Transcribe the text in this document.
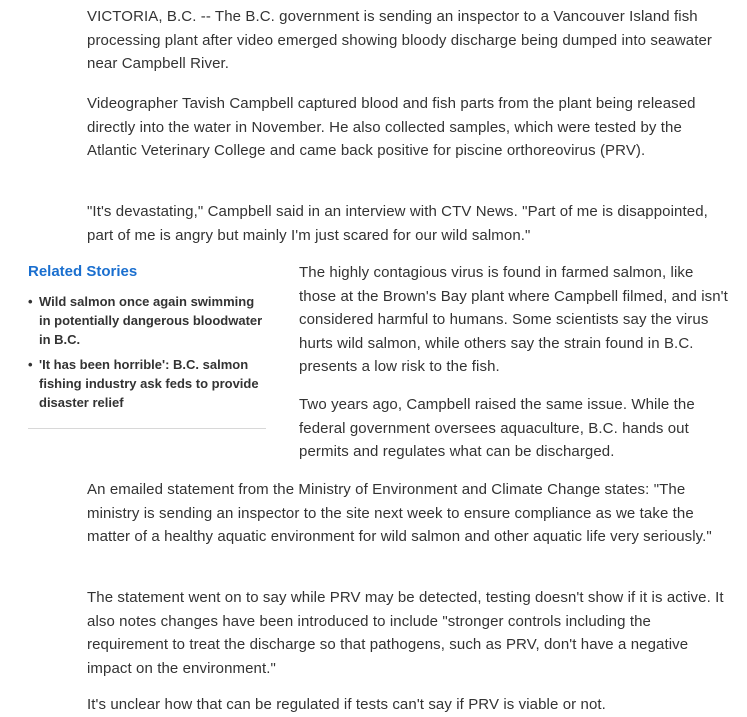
VICTORIA, B.C. -- The B.C. government is sending an inspector to a Vancouver Island fish processing plant after video emerged showing bloody discharge being dumped into seawater near Campbell River.

Videographer Tavish Campbell captured blood and fish parts from the plant being released directly into the water in November. He also collected samples, which were tested by the Atlantic Veterinary College and came back positive for piscine orthoreovirus (PRV).

"It's devastating," Campbell said in an interview with CTV News. "Part of me is disappointed, part of me is angry but mainly I'm just scared for our wild salmon."

Related Stories
• Wild salmon once again swimming in potentially dangerous bloodwater in B.C.
• 'It has been horrible': B.C. salmon fishing industry ask feds to provide disaster relief

The highly contagious virus is found in farmed salmon, like those at the Brown's Bay plant where Campbell filmed, and isn't considered harmful to humans. Some scientists say the virus hurts wild salmon, while others say the strain found in B.C. presents a low risk to the fish.

Two years ago, Campbell raised the same issue. While the federal government oversees aquaculture, B.C. hands out permits and regulates what can be discharged.

An emailed statement from the Ministry of Environment and Climate Change states: "The ministry is sending an inspector to the site next week to ensure compliance as we take the matter of a healthy aquatic environment for wild salmon and other aquatic life very seriously."

The statement went on to say while PRV may be detected, testing doesn't show if it is active. It also notes changes have been introduced to include "stronger controls including the requirement to treat the discharge so that pathogens, such as PRV, don't have a negative impact on the environment."

It's unclear how that can be regulated if tests can't say if PRV is viable or not.
